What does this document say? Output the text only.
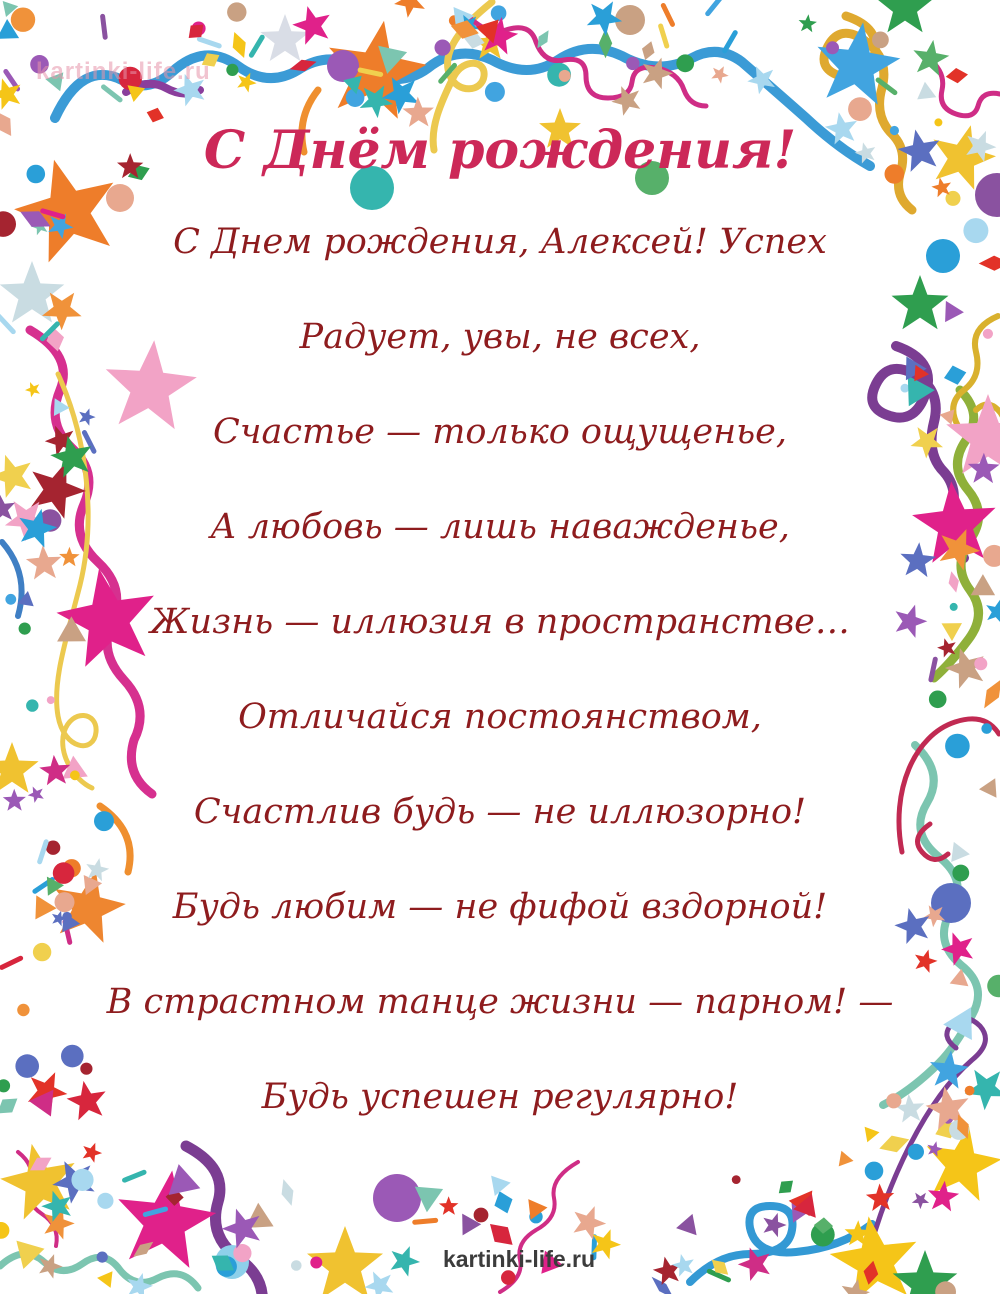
kartinki-life.ru
С Днём рождения!
С Днем рождения, Алексей! Успех
Радует, увы, не всех,
Счастье — только ощущенье,
А любовь — лишь наважденье,
Жизнь — иллюзия в пространстве…
Отличайся постоянством,
Счастлив будь — не иллюзорно!
Будь любим — не фифой вздорной!
В страстном танце жизни — парном! —
Будь успешен регулярно!
kartinki-life.ru
